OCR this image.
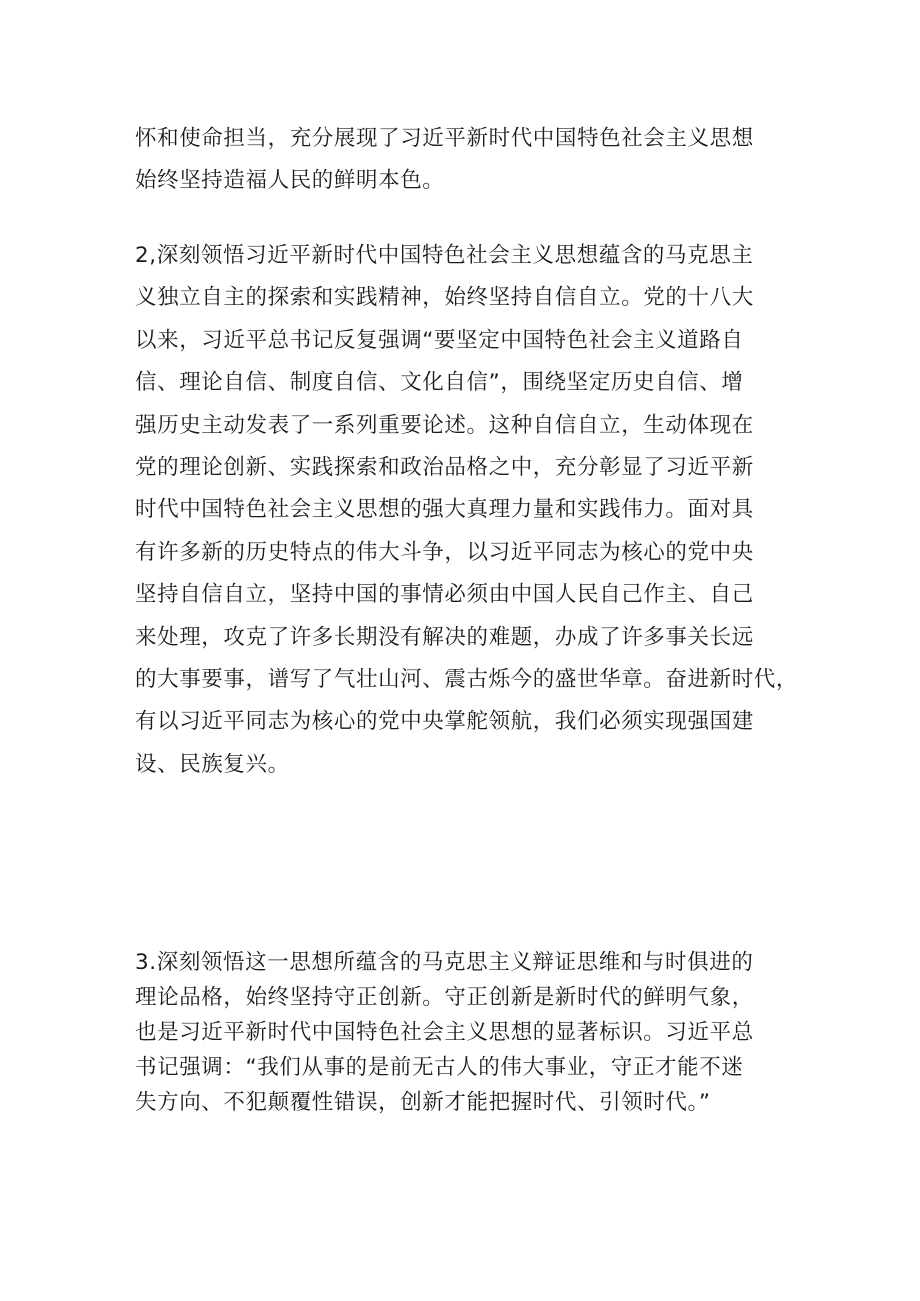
怀和使命担当，充分展现了习近平新时代中国特色社会主义思想
始终坚持造福人民的鲜明本色。
2,深刻领悟习近平新时代中国特色社会主义思想蕴含的马克思主
义独立自主的探索和实践精神，始终坚持自信自立。党的十八大
以来，习近平总书记反复强调“要坚定中国特色社会主义道路自
信、理论自信、制度自信、文化自信”，围绕坚定历史自信、增
强历史主动发表了一系列重要论述。这种自信自立，生动体现在
党的理论创新、实践探索和政治品格之中，充分彰显了习近平新
时代中国特色社会主义思想的强大真理力量和实践伟力。面对具
有许多新的历史特点的伟大斗争，以习近平同志为核心的党中央
坚持自信自立，坚持中国的事情必须由中国人民自己作主、自己
来处理，攻克了许多长期没有解决的难题，办成了许多事关长远
的大事要事，谱写了气壮山河、震古烁今的盛世华章。奋进新时代，
有以习近平同志为核心的党中央掌舵领航，我们必须实现强国建
设、民族复兴。
3.深刻领悟这一思想所蕴含的马克思主义辩证思维和与时俱进的
理论品格，始终坚持守正创新。守正创新是新时代的鲜明气象，
也是习近平新时代中国特色社会主义思想的显著标识。习近平总
书记强调：“我们从事的是前无古人的伟大事业，守正才能不迷
失方向、不犯颠覆性错误，创新才能把握时代、引领时代。”
